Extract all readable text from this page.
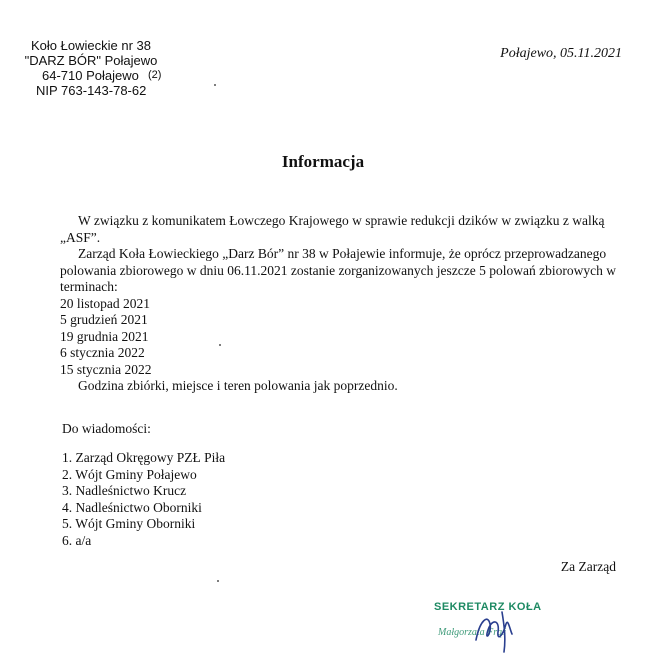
Koło Łowieckie nr 38
"DARZ BÓR" Połajewo
64-710 Połajewo (2)
NIP 763-143-78-62
Połajewo, 05.11.2021
Informacja

W związku z komunikatem Łowczego Krajowego w sprawie redukcji dzików w związku z walką „ASF”.

Zarząd Koła Łowieckiego „Darz Bór” nr 38 w Połajewie informuje, że oprócz przeprowadzanego polowania zbiorowego w dniu 06.11.2021 zostanie zorganizowanych jeszcze 5 polowań zbiorowych w terminach:

20 listopad 2021
5 grudzień 2021
19 grudnia 2021
6 stycznia 2022
15 stycznia 2022

Godzina zbiórki, miejsce i teren polowania jak poprzednio.

Do wiadomości:
1. Zarząd Okręgowy PZŁ Piła
2. Wójt Gminy Połajewo
3. Nadleśnictwo Krucz
4. Nadleśnictwo Oborniki
5. Wójt Gminy Oborniki
6. a/a
Za Zarząd
SEKRETARZ KOŁA
Małgorzata Frąś
